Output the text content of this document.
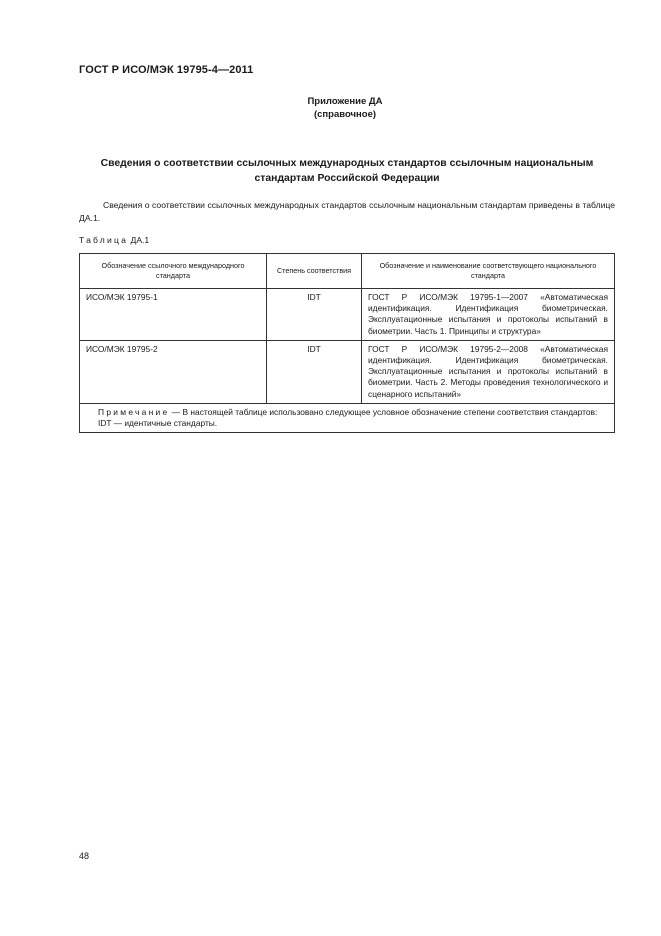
ГОСТ Р ИСО/МЭК 19795-4—2011
Приложение ДА
(справочное)
Сведения о соответствии ссылочных международных стандартов ссылочным национальным
стандартам Российской Федерации
Сведения о соответствии ссылочных международных стандартов ссылочным национальным стандартам приведены в таблице ДА.1.
Таблица ДА.1
Обозначение ссылочного международного стандарта	Степень соответствия	Обозначение и наименование соответствующего национального стандарта
ИСО/МЭК 19795-1	IDT	ГОСТ Р ИСО/МЭК 19795-1—2007 «Автоматическая идентификация. Идентификация биометрическая. Эксплуатационные испытания и протоколы испытаний в биометрии. Часть 1. Принципы и структура»
ИСО/МЭК 19795-2	IDT	ГОСТ Р ИСО/МЭК 19795-2—2008 «Автоматическая идентификация. Идентификация биометрическая. Эксплуатационные испытания и протоколы испытаний в биометрии. Часть 2. Методы проведения технологического и сценарного испытаний»

Примечание — В настоящей таблице использовано следующее условное обозначение степени соответствия стандартов:

IDT — идентичные стандарты.		

48
